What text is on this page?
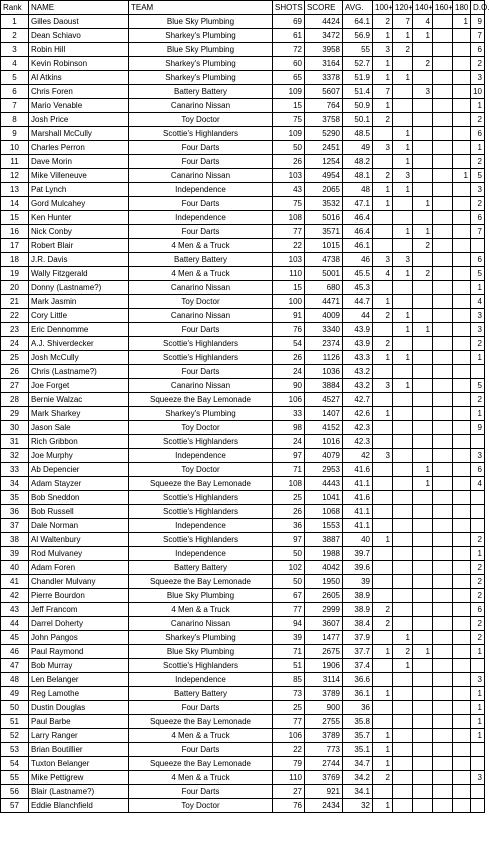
Rank	NAME	TEAM	SHOTS	SCORE	AVG.	100+	120+	140+	160+	180	D.O.
1	Gilles Daoust	Blue Sky Plumbing	69	4424	64.1	2	7	4		1	9
2	Dean Schiavo	Sharkey's Plumbing	61	3472	56.9	1	1	1			7
3	Robin Hill	Blue Sky Plumbing	72	3958	55	3	2				6
4	Kevin Robinson	Sharkey's Plumbing	60	3164	52.7	1		2			2
5	Al Atkins	Sharkey's Plumbing	65	3378	51.9	1	1				3
6	Chris Foren	Battery Battery	109	5607	51.4	7		3			10
7	Mario Venable	Canarino Nissan	15	764	50.9	1					1
8	Josh Price	Toy Doctor	75	3758	50.1	2					2
9	Marshall McCully	Scottie's Highlanders	109	5290	48.5		1				6
10	Charles Perron	Four Darts	50	2451	49	3	1				1
11	Dave Morin	Four Darts	26	1254	48.2		1				2
12	Mike Villeneuve	Canarino Nissan	103	4954	48.1	2	3			1	5
13	Pat Lynch	Independence	43	2065	48	1	1				3
14	Gord Mulcahey	Four Darts	75	3532	47.1	1		1			2
15	Ken Hunter	Independence	108	5016	46.4						6
16	Nick Conby	Four Darts	77	3571	46.4		1	1			7
17	Robert Blair	4 Men & a Truck	22	1015	46.1			2			
18	J.R. Davis	Battery Battery	103	4738	46	3	3				6
19	Wally Fitzgerald	4 Men & a Truck	110	5001	45.5	4	1	2			5
20	Donny (Lastname?)	Canarino Nissan	15	680	45.3						1
21	Mark Jasmin	Toy Doctor	100	4471	44.7	1					4
22	Cory Little	Canarino Nissan	91	4009	44	2	1				3
23	Eric Dennomme	Four Darts	76	3340	43.9		1	1			3
24	A.J. Shiverdecker	Scottie's Highlanders	54	2374	43.9	2					2
25	Josh McCully	Scottie's Highlanders	26	1126	43.3	1	1				1
26	Chris (Lastname?)	Four Darts	24	1036	43.2						
27	Joe Forget	Canarino Nissan	90	3884	43.2	3	1				5
28	Bernie Walzac	Squeeze the Bay Lemonade	106	4527	42.7						2
29	Mark Sharkey	Sharkey's Plumbing	33	1407	42.6	1					1
30	Jason Sale	Toy Doctor	98	4152	42.3						9
31	Rich Gribbon	Scottie's Highlanders	24	1016	42.3						
32	Joe Murphy	Independence	97	4079	42	3					3
33	Ab Depencier	Toy Doctor	71	2953	41.6			1			6
34	Adam Stayzer	Squeeze the Bay Lemonade	108	4443	41.1			1			4
35	Bob Sneddon	Scottie's Highlanders	25	1041	41.6						
36	Bob Russell	Scottie's Highlanders	26	1068	41.1						
37	Dale Norman	Independence	36	1553	41.1						
38	Al Waltenbury	Scottie's Highlanders	97	3887	40	1					2
39	Rod Mulvaney	Independence	50	1988	39.7						1
40	Adam Foren	Battery Battery	102	4042	39.6						2
41	Chandler Mulvany	Squeeze the Bay Lemonade	50	1950	39						2
42	Pierre Bourdon	Blue Sky Plumbing	67	2605	38.9						2
43	Jeff Francom	4 Men & a Truck	77	2999	38.9	2					6
44	Darrel Doherty	Canarino Nissan	94	3607	38.4	2					2
45	John Pangos	Sharkey's Plumbing	39	1477	37.9		1				2
46	Paul Raymond	Blue Sky Plumbing	71	2675	37.7	1	2	1			1
47	Bob Murray	Scottie's Highlanders	51	1906	37.4		1				
48	Len Belanger	Independence	85	3114	36.6						3
49	Reg Lamothe	Battery Battery	73	3789	36.1	1					1
50	Dustin Douglas	Four Darts	25	900	36						1
51	Paul Barbe	Squeeze the Bay Lemonade	77	2755	35.8						1
52	Larry Ranger	4 Men & a Truck	106	3789	35.7	1					1
53	Brian Boutillier	Four Darts	22	773	35.1	1					
54	Tuxton Belanger	Squeeze the Bay Lemonade	79	2744	34.7	1					
55	Mike Pettigrew	4 Men & a Truck	110	3769	34.2	2					3
56	Blair (Lastname?)	Four Darts	27	921	34.1						
57	Eddie Blanchfield	Toy Doctor	76	2434	32	1					
